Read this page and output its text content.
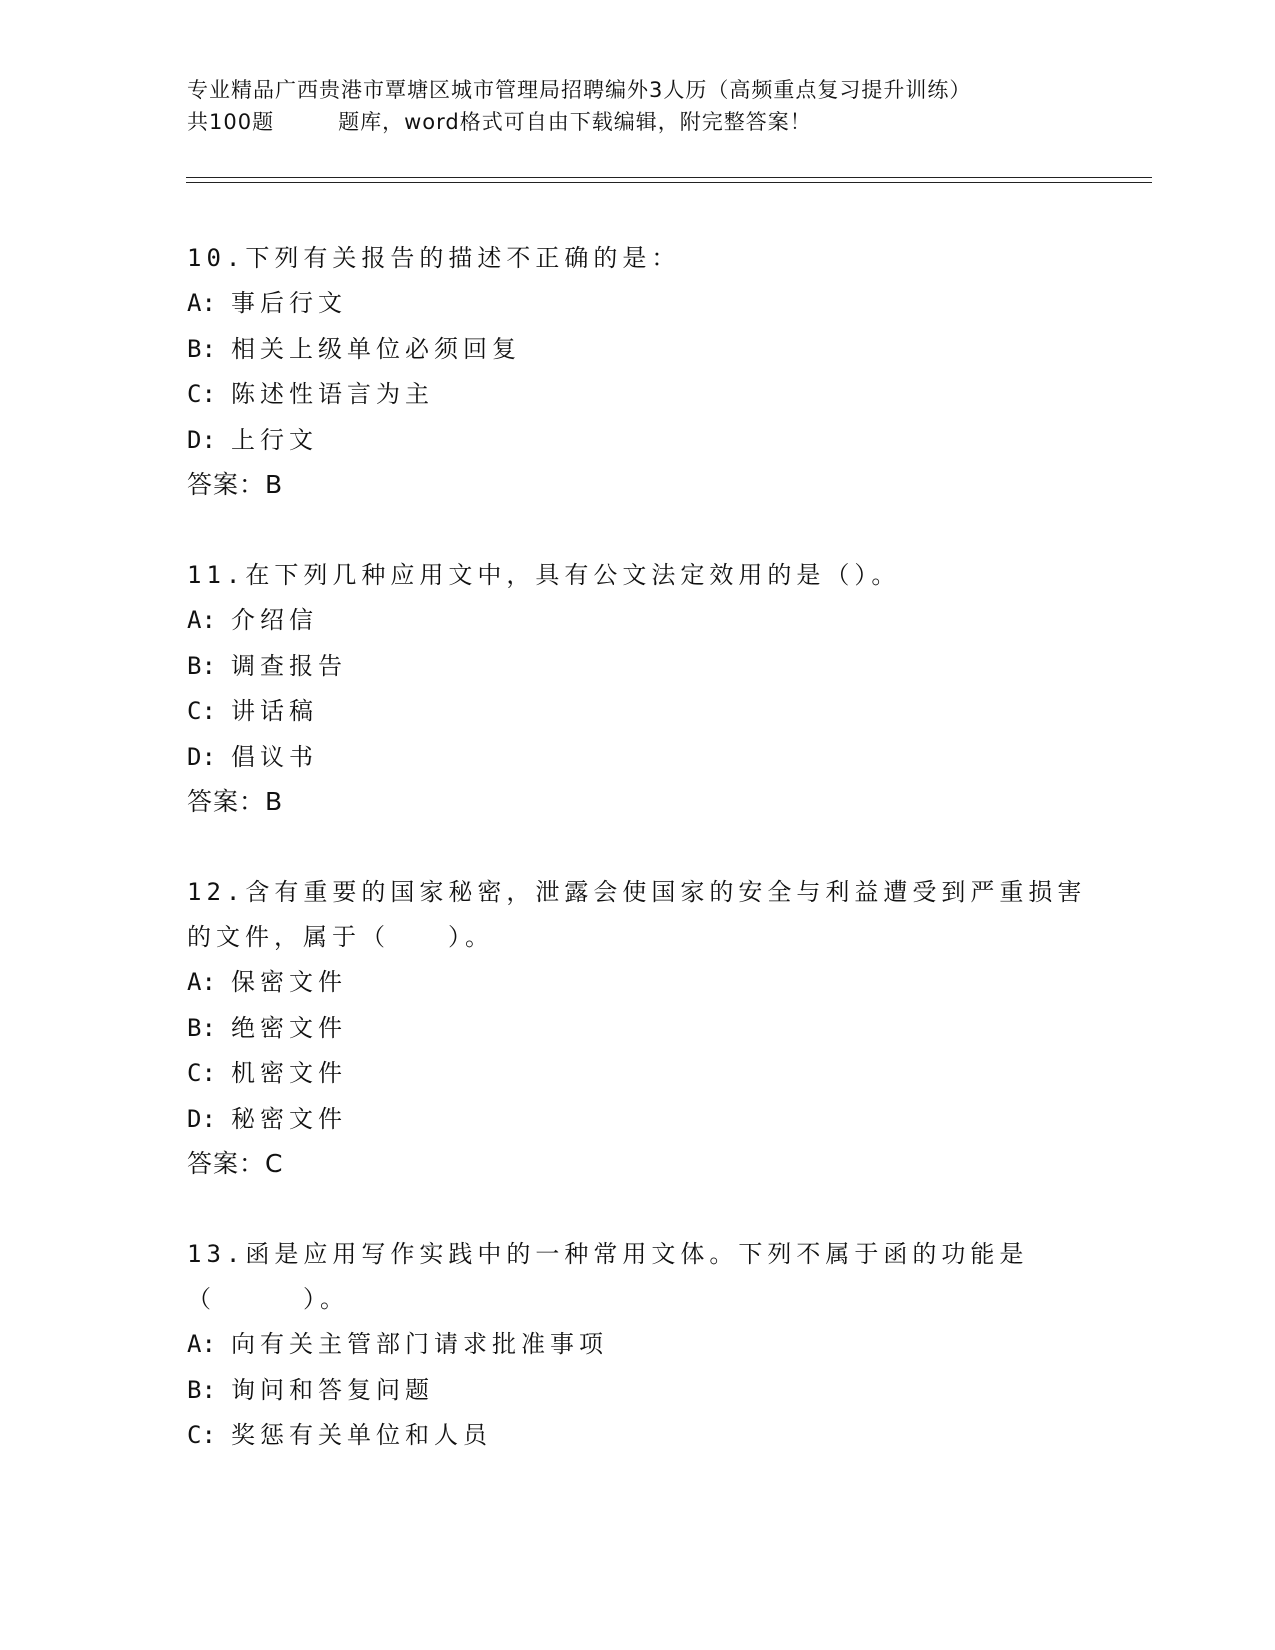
专业精品广西贵港市覃塘区城市管理局招聘编外3人历（高频重点复习提升训练）
共100题	题库，word格式可自由下载编辑，附完整答案！
10.下列有关报告的描述不正确的是：
A: 事后行文
B: 相关上级单位必须回复
C: 陈述性语言为主
D: 上行文
答案：B
11.在下列几种应用文中，具有公文法定效用的是（）。
A: 介绍信
B: 调查报告
C: 讲话稿
D: 倡议书
答案：B
12.含有重要的国家秘密，泄露会使国家的安全与利益遭受到严重损害的文件，属于（　　）。
A: 保密文件
B: 绝密文件
C: 机密文件
D: 秘密文件
答案：C
13.函是应用写作实践中的一种常用文体。下列不属于函的功能是（　　　）。
A: 向有关主管部门请求批准事项
B: 询问和答复问题
C: 奖惩有关单位和人员
